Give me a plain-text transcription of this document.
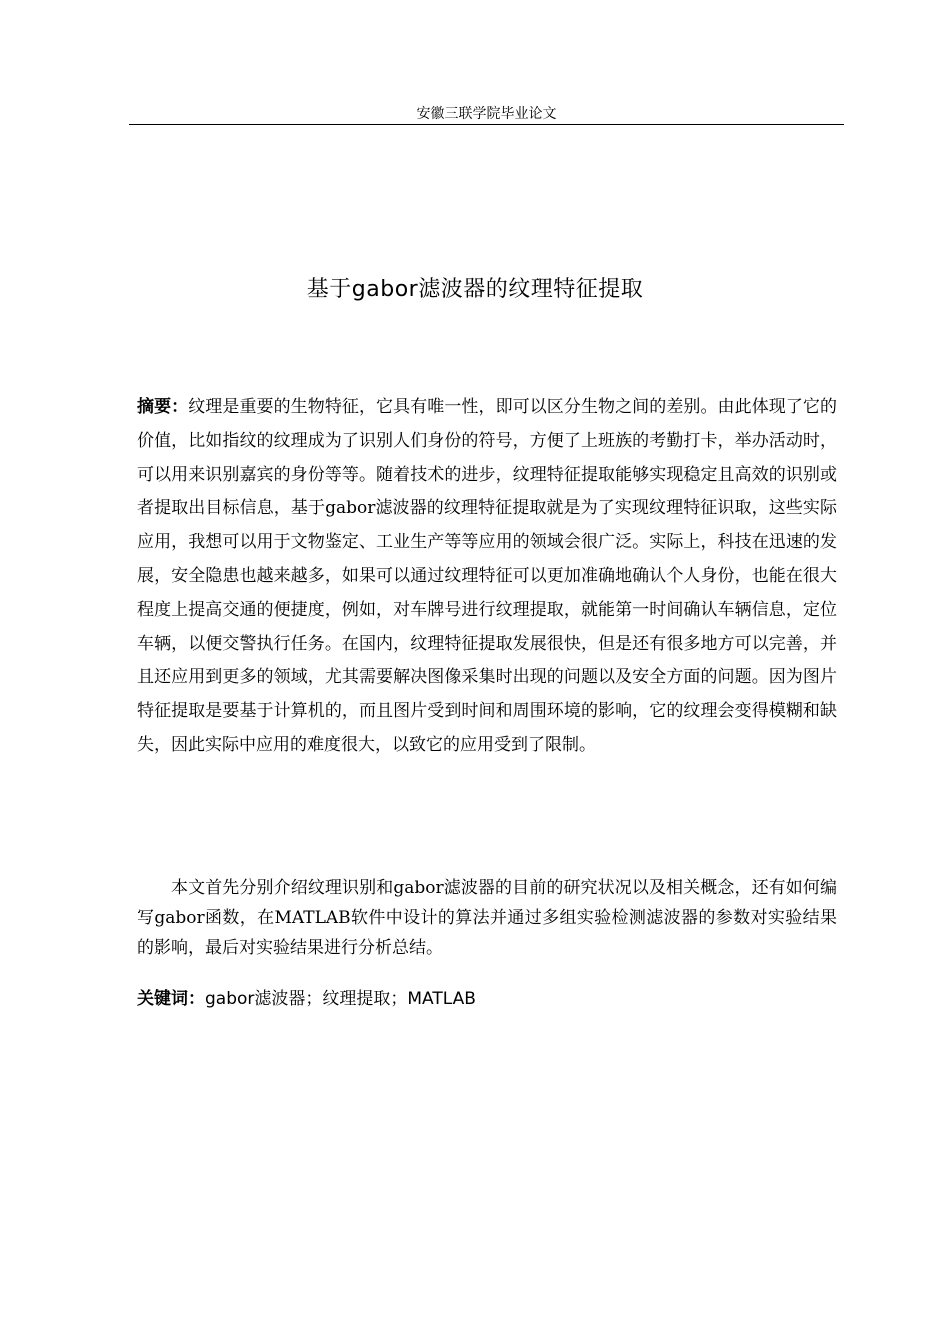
安徽三联学院毕业论文
基于gabor滤波器的纹理特征提取
摘要：纹理是重要的生物特征，它具有唯一性，即可以区分生物之间的差别。由此体现了它的价值，比如指纹的纹理成为了识别人们身份的符号，方便了上班族的考勤打卡，举办活动时，可以用来识别嘉宾的身份等等。随着技术的进步，纹理特征提取能够实现稳定且高效的识别或者提取出目标信息，基于gabor滤波器的纹理特征提取就是为了实现纹理特征识取，这些实际应用，我想可以用于文物鉴定、工业生产等等应用的领域会很广泛。实际上，科技在迅速的发展，安全隐患也越来越多，如果可以通过纹理特征可以更加准确地确认个人身份，也能在很大程度上提高交通的便捷度，例如，对车牌号进行纹理提取，就能第一时间确认车辆信息，定位车辆，以便交警执行任务。在国内，纹理特征提取发展很快，但是还有很多地方可以完善，并且还应用到更多的领域，尤其需要解决图像采集时出现的问题以及安全方面的问题。因为图片特征提取是要基于计算机的，而且图片受到时间和周围环境的影响，它的纹理会变得模糊和缺失，因此实际中应用的难度很大，以致它的应用受到了限制。
本文首先分别介绍纹理识别和gabor滤波器的目前的研究状况以及相关概念，还有如何编写gabor函数，在MATLAB软件中设计的算法并通过多组实验检测滤波器的参数对实验结果的影响，最后对实验结果进行分析总结。
关键词：gabor滤波器；纹理提取；MATLAB
